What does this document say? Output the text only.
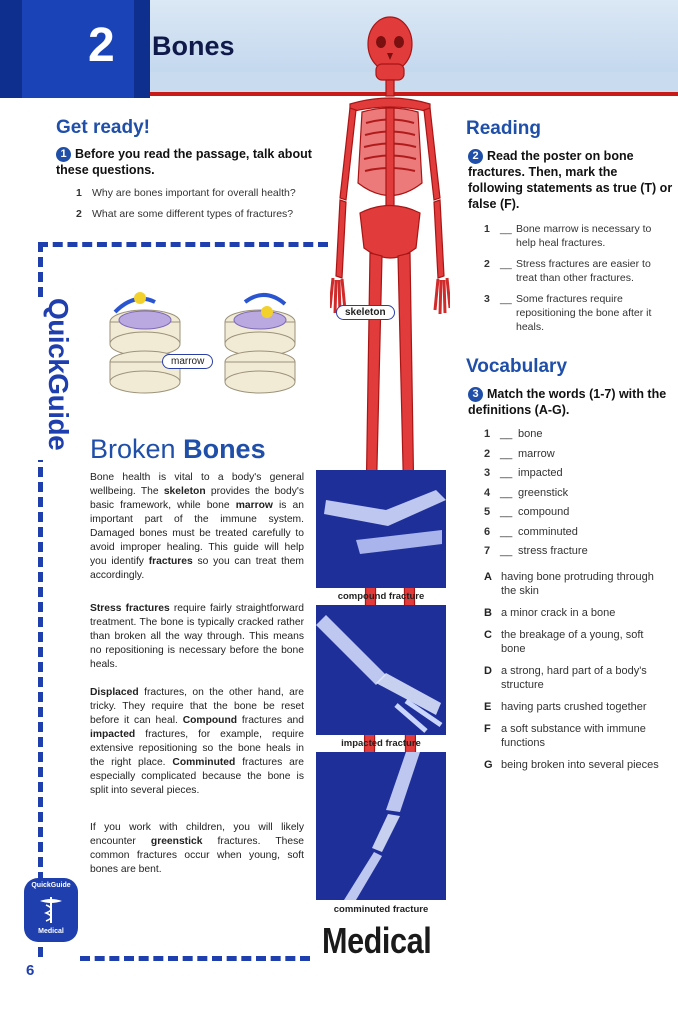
2 Bones
Get ready!
1 Before you read the passage, talk about these questions.
1 Why are bones important for overall health?
2 What are some different types of fractures?
QuickGuide
QuickGuide
Medical	Medical
6
marrow
skeleton
Broken Bones
Bone health is vital to a body's general wellbeing. The skeleton provides the body's basic framework, while bone marrow is an important part of the immune system. Damaged bones must be treated carefully to avoid improper healing. This guide will help you identify fractures so you can treat them accordingly.
Stress fractures require fairly straightforward treatment. The bone is typically cracked rather than broken all the way through. This means no repositioning is necessary before the bone heals.
Displaced fractures, on the other hand, are tricky. They require that the bone be reset before it can heal. Compound fractures and impacted fractures, for example, require extensive repositioning so the bone heals in the right place. Comminuted fractures are especially complicated because the bone is split into several pieces.
If you work with children, you will likely encounter greenstick fractures. These common fractures occur when young, soft bones are bent.
compound fracture
impacted fracture
comminuted fracture
Reading
2 Read the poster on bone fractures. Then, mark the following statements as true (T) or false (F).
1 __ Bone marrow is necessary to help heal fractures.
2 __ Stress fractures are easier to treat than other fractures.
3 __ Some fractures require repositioning the bone after it heals.
Vocabulary
3 Match the words (1-7) with the definitions (A-G).
1 __ bone
2 __ marrow
3 __ impacted
4 __ greenstick
5 __ compound
6 __ comminuted
7 __ stress fracture
A having bone protruding through the skin
B a minor crack in a bone
C the breakage of a young, soft bone
D a strong, hard part of a body's structure
E having parts crushed together
F a soft substance with immune functions
G being broken into several pieces
